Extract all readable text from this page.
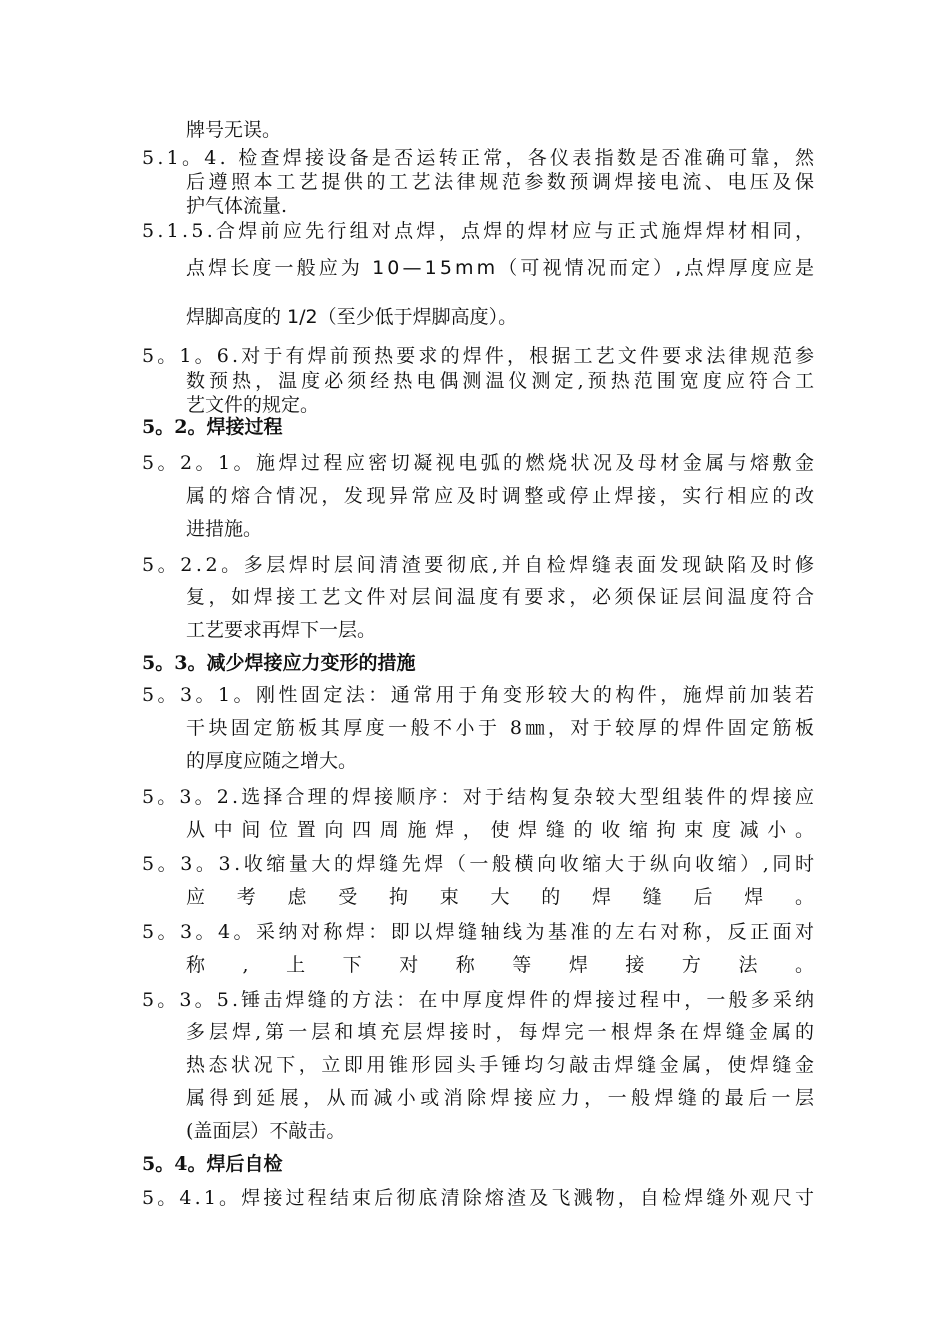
牌号无误。
5.1。4. 检查焊接设备是否运转正常，各仪表指数是否准确可靠，然
后遵照本工艺提供的工艺法律规范参数预调焊接电流、电压及保
护气体流量.
5.1.5.合焊前应先行组对点焊，点焊的焊材应与正式施焊焊材相同，
点焊长度一般应为 10—15mm（可视情况而定）,点焊厚度应是
焊脚高度的 1/2（至少低于焊脚高度）。
5。1。6.对于有焊前预热要求的焊件，根据工艺文件要求法律规范参
数预热，温度必须经热电偶测温仪测定,预热范围宽度应符合工
艺文件的规定。
5。2。焊接过程
5。2。1。施焊过程应密切凝视电弧的燃烧状况及母材金属与熔敷金
属的熔合情况，发现异常应及时调整或停止焊接，实行相应的改
进措施。
5。2.2。多层焊时层间清渣要彻底,并自检焊缝表面发现缺陷及时修
复，如焊接工艺文件对层间温度有要求，必须保证层间温度符合
工艺要求再焊下一层。
5。3。减少焊接应力变形的措施
5。3。1。刚性固定法：通常用于角变形较大的构件，施焊前加装若
干块固定筋板其厚度一般不小于 8㎜，对于较厚的焊件固定筋板
的厚度应随之增大。
5。3。2.选择合理的焊接顺序：对于结构复杂较大型组装件的焊接应
从中间位置向四周施焊，使焊缝的收缩拘束度减小。
5。3。3.收缩量大的焊缝先焊（一般横向收缩大于纵向收缩）,同时
应考虑受拘束大的焊缝后焊。
5。3。4。采纳对称焊：即以焊缝轴线为基准的左右对称，反正面对
称,上下对称等焊接方法。
5。3。5.锤击焊缝的方法：在中厚度焊件的焊接过程中，一般多采纳
多层焊,第一层和填充层焊接时，每焊完一根焊条在焊缝金属的
热态状况下，立即用锥形园头手锤均匀敲击焊缝金属，使焊缝金
属得到延展，从而减小或消除焊接应力，一般焊缝的最后一层
(盖面层）不敲击。
5。4。焊后自检
5。4.1。焊接过程结束后彻底清除熔渣及飞溅物，自检焊缝外观尺寸
